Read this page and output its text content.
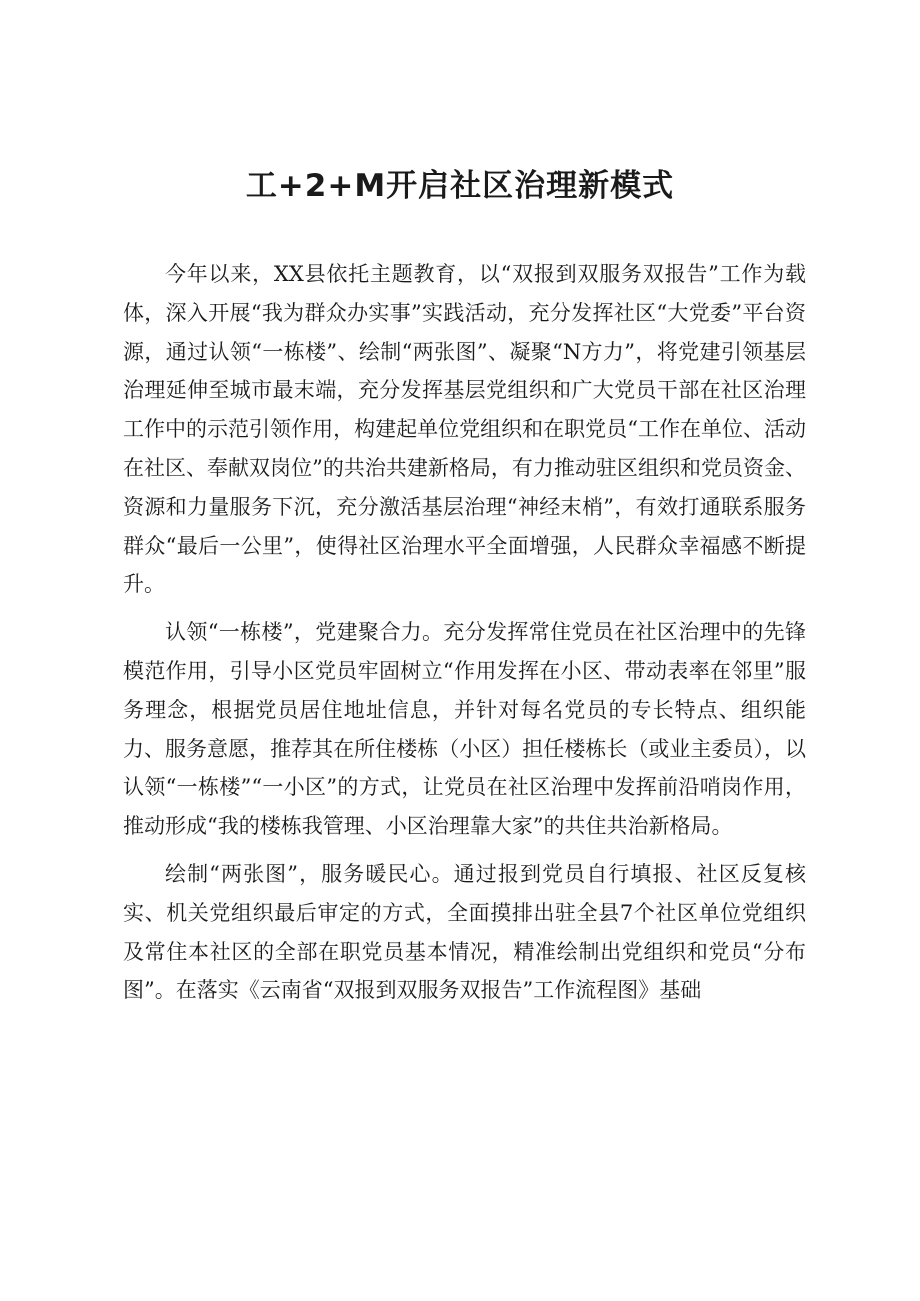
工+2+M开启社区治理新模式

今年以来，XX县依托主题教育，以“双报到双服务双报告”工作为载体，深入开展“我为群众办实事”实践活动，充分发挥社区“大党委”平台资源，通过认领“一栋楼”、绘制“两张图”、凝聚“N方力”，将党建引领基层治理延伸至城市最末端，充分发挥基层党组织和广大党员干部在社区治理工作中的示范引领作用，构建起单位党组织和在职党员“工作在单位、活动在社区、奉献双岗位”的共治共建新格局，有力推动驻区组织和党员资金、资源和力量服务下沉，充分激活基层治理“神经末梢”，有效打通联系服务群众“最后一公里”，使得社区治理水平全面增强，人民群众幸福感不断提升。

认领“一栋楼”，党建聚合力。充分发挥常住党员在社区治理中的先锋模范作用，引导小区党员牢固树立“作用发挥在小区、带动表率在邻里”服务理念，根据党员居住地址信息，并针对每名党员的专长特点、组织能力、服务意愿，推荐其在所住楼栋（小区）担任楼栋长（或业主委员），以认领“一栋楼”“一小区”的方式，让党员在社区治理中发挥前沿哨岗作用，推动形成“我的楼栋我管理、小区治理靠大家”的共住共治新格局。

绘制“两张图”，服务暖民心。通过报到党员自行填报、社区反复核实、机关党组织最后审定的方式，全面摸排出驻全县7个社区单位党组织及常住本社区的全部在职党员基本情况，精准绘制出党组织和党员“分布图”。在落实《云南省“双报到双服务双报告”工作流程图》基础
